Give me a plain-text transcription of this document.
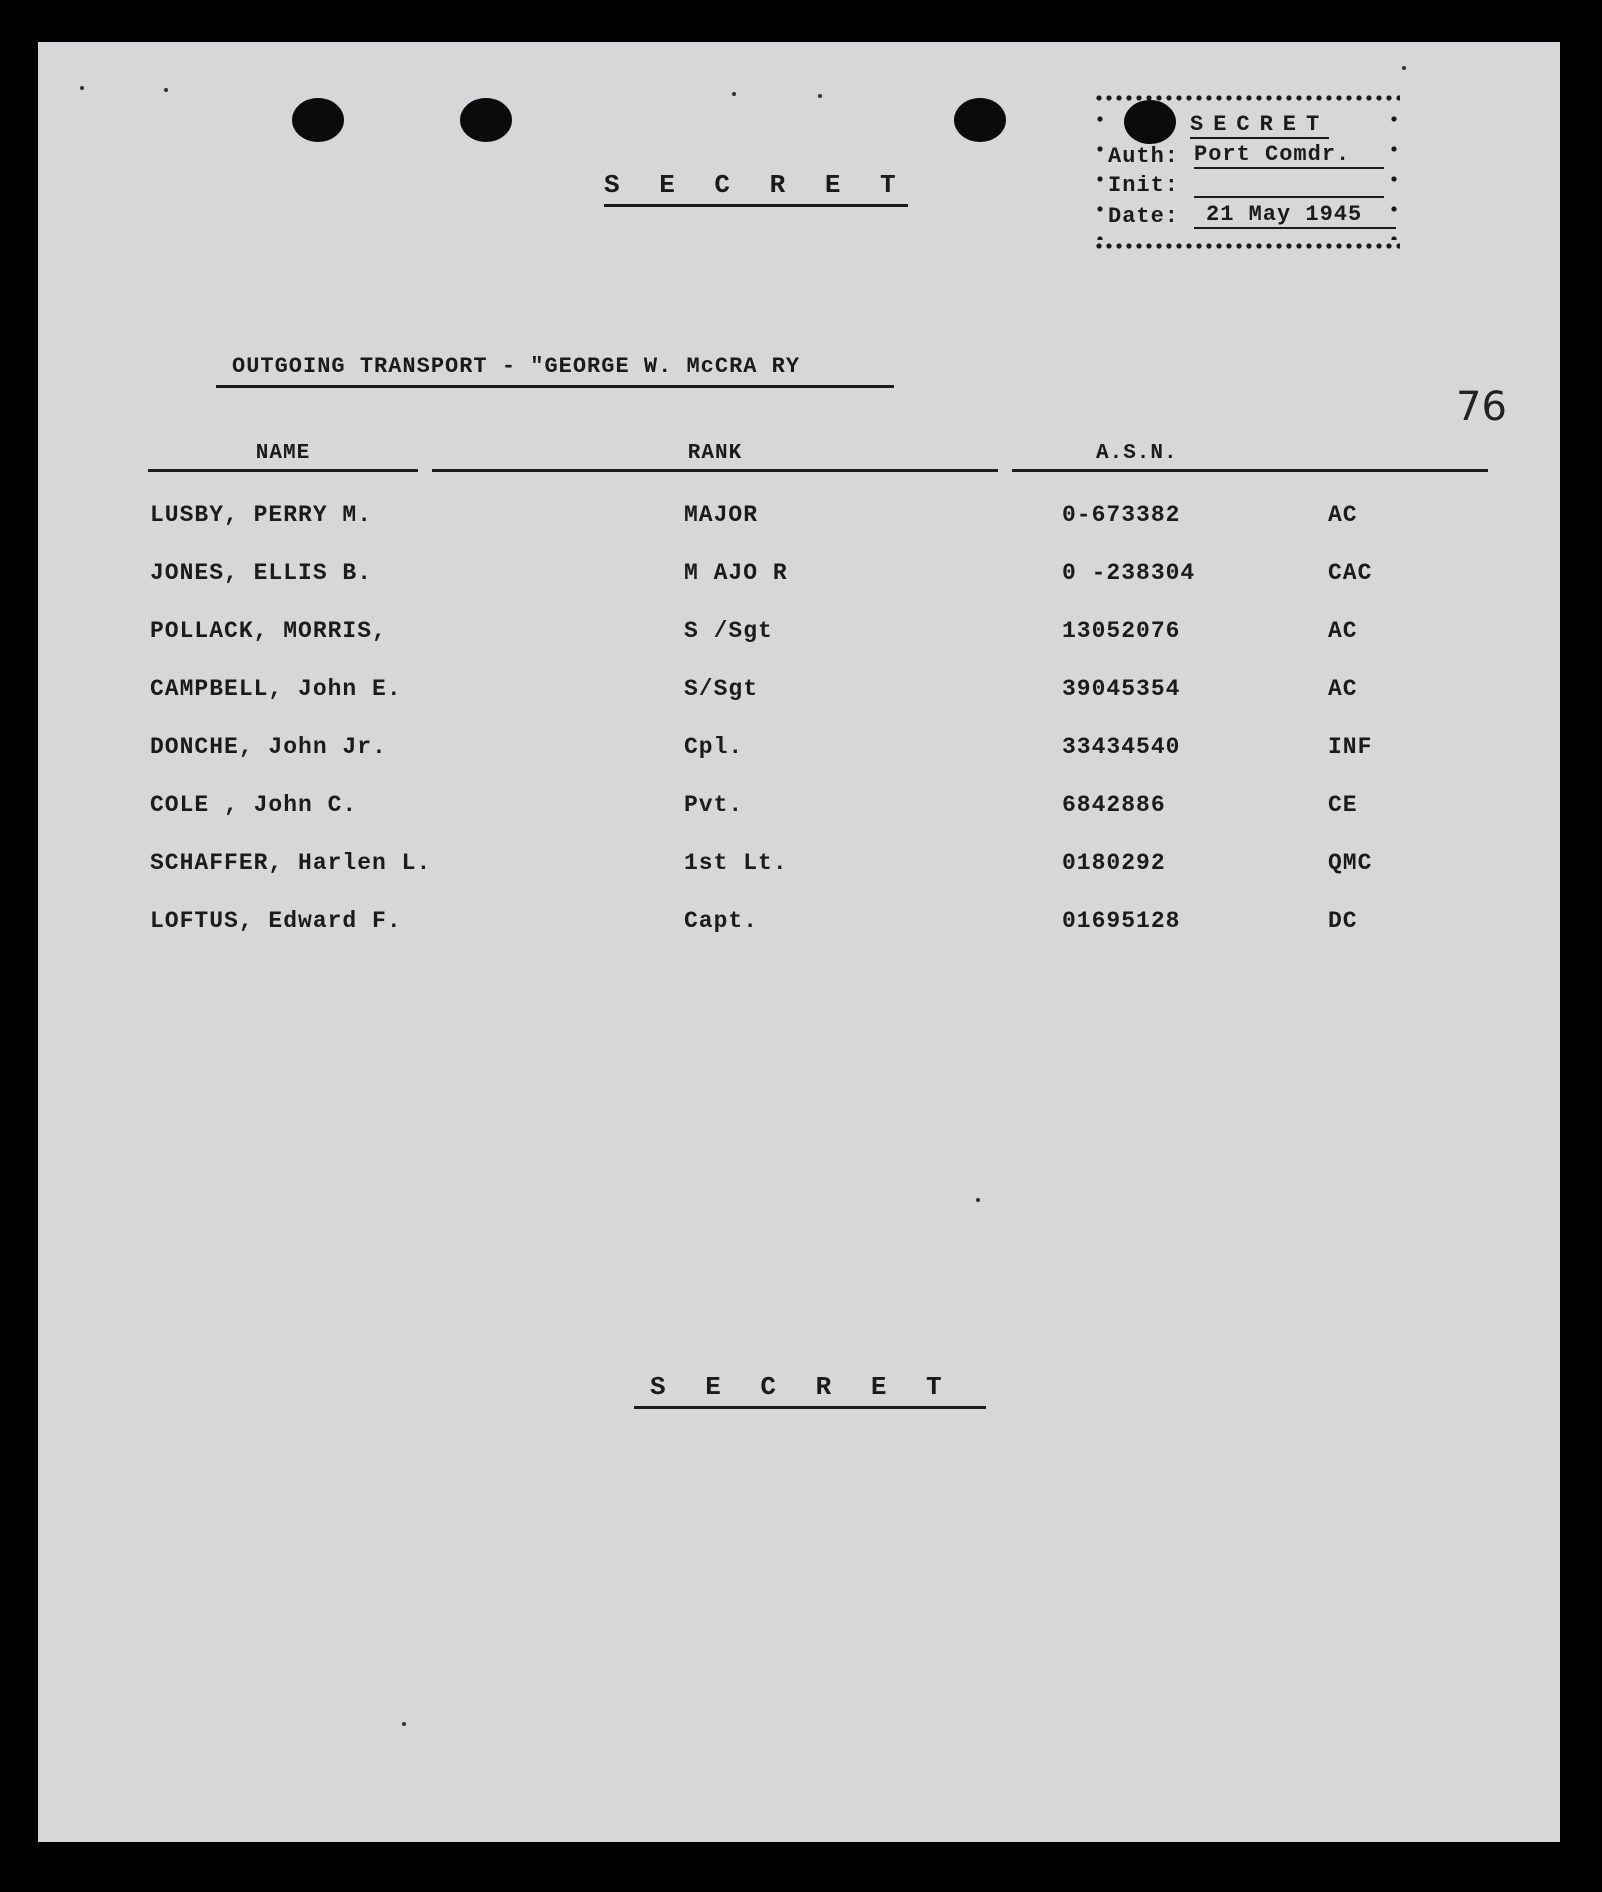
S E C R E T
SECRET
Auth: Port Comdr.
Init:
Date:	21 May 1945
OUTGOING TRANSPORT - "GEORGE W. McCRA RY
76
NAME	RANK	A.S.N.
LUSBY, PERRY M.	MAJOR	0-673382	AC
JONES, ELLIS B.	M AJO R	0 -238304	CAC
POLLACK, MORRIS,	S /Sgt	13052076	AC
CAMPBELL, John E.	S/Sgt	39045354	AC
DONCHE, John Jr.	Cpl.	33434540	INF
COLE , John C.	Pvt.	6842886	CE
SCHAFFER, Harlen L.	1st Lt.	0180292	QMC
LOFTUS, Edward F.	Capt.	01695128	DC
S E C R E T
